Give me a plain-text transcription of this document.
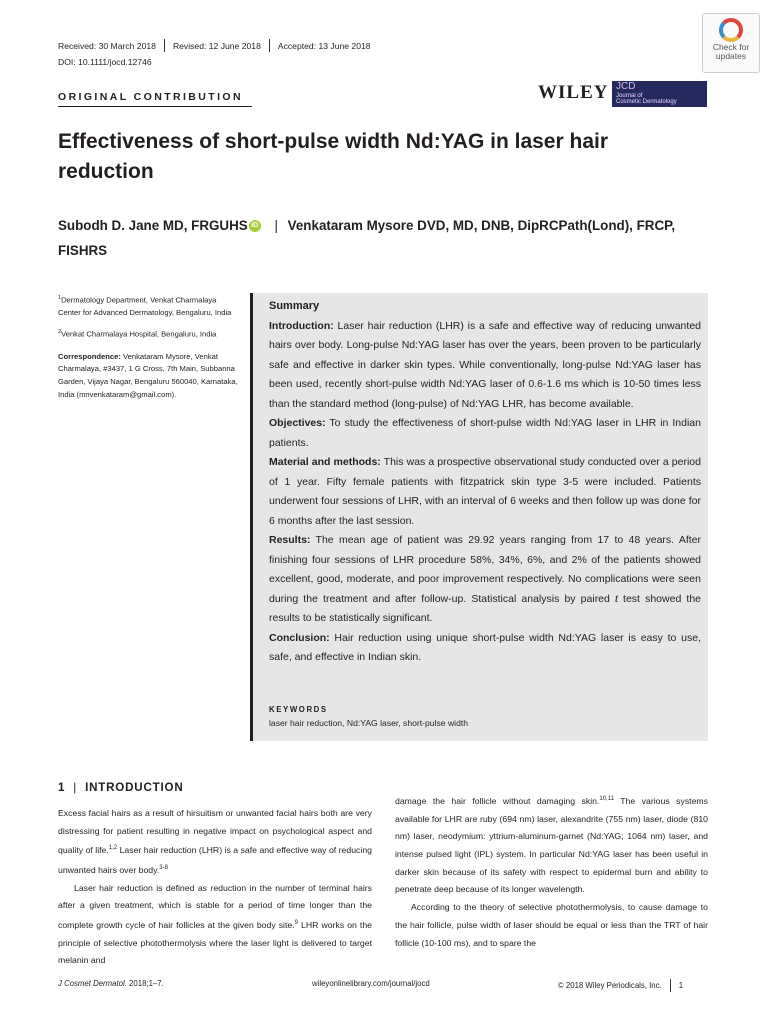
Received: 30 March 2018 Revised: 12 June 2018 Accepted: 13 June 2018
DOI: 10.1111/jocd.12746
Check for
updates
ORIGINAL CONTRIBUTION	WILEY JCD
Journal of
Cosmetic Dermatology
Effectiveness of short-pulse width Nd:YAG in laser hair reduction
Subodh D. Jane MD, FRGUHS iD | Venkataram Mysore DVD, MD, DNB, DipRCPath(Lond), FRCP, FISHRS

$^1$Dermatology Department, Venkat Charmalaya Center for Advanced Dermatology, Bengaluru, India

$^2$Venkat Charmalaya Hospital, Bengaluru, India

Correspondence: Venkataram Mysore, Venkat Charmalaya, #3437, 1 G Cross, 7th Main, Subbanna Garden, Vijaya Nagar, Bengaluru 560040, Karnataka, India (mnvenkataram@gmail.com).

Summary

Introduction: Laser hair reduction (LHR) is a safe and effective way of reducing unwanted hairs over body. Long-pulse Nd:YAG laser has over the years, been proven to be particularly safe and effective in darker skin types. While conventionally, long-pulse Nd:YAG laser has been used, recently short-pulse width Nd:YAG laser of 0.6-1.6 ms which is 10-50 times less than the standard method (long-pulse) of Nd:YAG LHR, has become available.

Objectives: To study the effectiveness of short-pulse width Nd:YAG laser in LHR in Indian patients.

Material and methods: This was a prospective observational study conducted over a period of 1 year. Fifty female patients with fitzpatrick skin type 3-5 were included. Patients underwent four sessions of LHR, with an interval of 6 weeks and then follow up was done for 6 months after the last session.

Results: The mean age of patient was 29.92 years ranging from 17 to 48 years. After finishing four sessions of LHR procedure 58%, 34%, 6%, and 2% of the patients showed excellent, good, moderate, and poor improvement respectively. No complications were seen during the treatment and after follow-up. Statistical analysis by paired t test showed the results to be statistically significant.

Conclusion: Hair reduction using unique short-pulse width Nd:YAG laser is easy to use, safe, and effective in Indian skin.

KEYWORDS
laser hair reduction, Nd:YAG laser, short-pulse width
1 | INTRODUCTION

Excess facial hairs as a result of hirsuitism or unwanted facial hairs both are very distressing for patient resulting in negative impact on psychological aspect and quality of life.$^{1,2}$ Laser hair reduction (LHR) is a safe and effective way of reducing unwanted hairs over body.$^{3-8}$

Laser hair reduction is defined as reduction in the number of terminal hairs after a given treatment, which is stable for a period of time longer than the complete growth cycle of hair follicles at the given body site.$^9$ LHR works on the principle of selective photothermolysis where the laser light is delivered to target melanin and

damage the hair follicle without damaging skin.$^{10,11}$ The various systems available for LHR are ruby (694 nm) laser, alexandrite (755 nm) laser, diode (810 nm) laser, neodymium: yttrium-aluminum-garnet (Nd:YAG; 1064 nm) laser, and intense pulsed light (IPL) system. In particular Nd:YAG laser has been useful in darker skin because of its safety with respect to epidermal burn and ability to penetrate deep because of its longer wavelength.

According to the theory of selective photothermolysis, to cause damage to the hair follicle, pulse width of laser should be equal or less than the TRT of hair follicle (10-100 ms), and to spare the

J Cosmet Dermatol. 2018;1–7.	wileyonlinelibrary.com/journal/jocd	© 2018 Wiley Periodicals, Inc. 1
